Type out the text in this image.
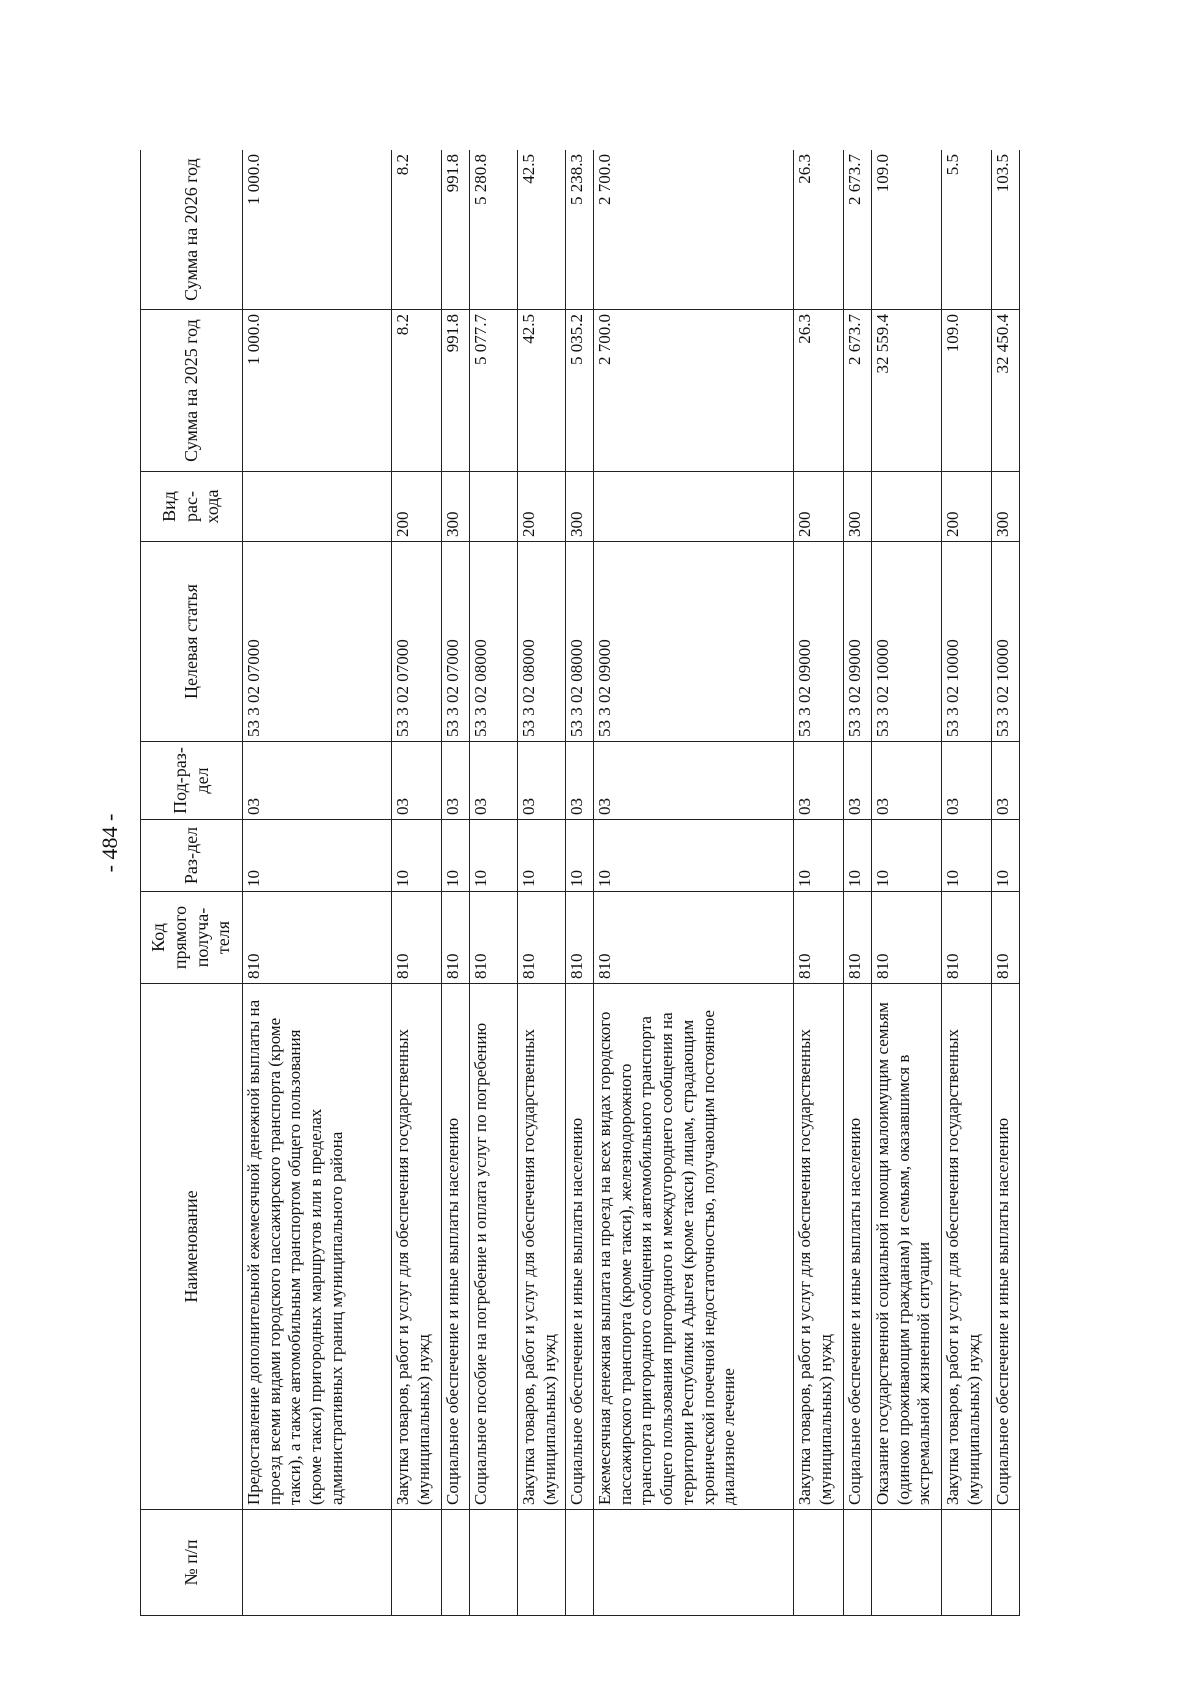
- 484 -
№ п/п	Наименование	Код прямого получа-теля	Раз-дел	Под-раз-дел	Целевая статья	Вид рас-хода	Сумма на 2025 год	Сумма на 2026 год
	Предоставление дополнительной ежемесячной денежной выплаты на проезд всеми видами городского пассажирского транспорта (кроме такси), а также автомобильным транспортом общего пользования (кроме такси) пригородных маршрутов или в пределах административных границ муниципального района	810	10	03	53 3 02 07000		1 000.0	1 000.0
	Закупка товаров, работ и услуг для обеспечения государственных (муниципальных) нужд	810	10	03	53 3 02 07000	200	8.2	8.2
	Социальное обеспечение и иные выплаты населению	810	10	03	53 3 02 07000	300	991.8	991.8
	Социальное пособие на погребение и оплата услуг по погребению	810	10	03	53 3 02 08000		5 077.7	5 280.8
	Закупка товаров, работ и услуг для обеспечения государственных (муниципальных) нужд	810	10	03	53 3 02 08000	200	42.5	42.5
	Социальное обеспечение и иные выплаты населению	810	10	03	53 3 02 08000	300	5 035.2	5 238.3
	Ежемесячная денежная выплата на проезд на всех видах городского пассажирского транспорта (кроме такси), железнодорожного транспорта пригородного сообщения и автомобильного транспорта общего пользования пригородного и междугороднего сообщения на территории Республики Адыгея (кроме такси) лицам, страдающим хронической почечной недостаточностью, получающим постоянное диализное лечение	810	10	03	53 3 02 09000		2 700.0	2 700.0
	Закупка товаров, работ и услуг для обеспечения государственных (муниципальных) нужд	810	10	03	53 3 02 09000	200	26.3	26.3
	Социальное обеспечение и иные выплаты населению	810	10	03	53 3 02 09000	300	2 673.7	2 673.7
	Оказание государственной социальной помощи малоимущим семьям (одиноко проживающим гражданам) и семьям, оказавшимся в экстремальной жизненной ситуации	810	10	03	53 3 02 10000		32 559.4	109.0
	Закупка товаров, работ и услуг для обеспечения государственных (муниципальных) нужд	810	10	03	53 3 02 10000	200	109.0	5.5
	Социальное обеспечение и иные выплаты населению	810	10	03	53 3 02 10000	300	32 450.4	103.5
